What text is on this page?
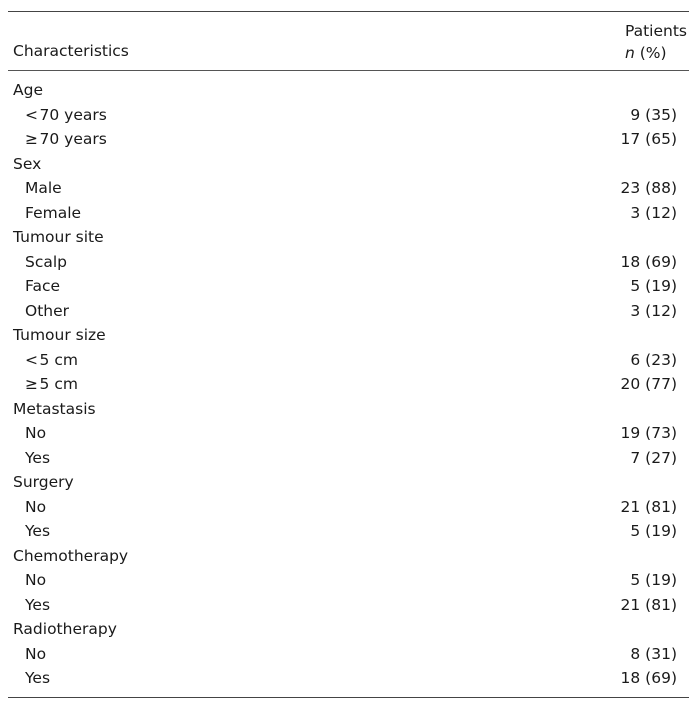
Characteristics
Patients
n (%)
Age
< 70 years	9 (35)
≥ 70 years	17 (65)
Sex
Male	23 (88)
Female	3 (12)
Tumour site
Scalp	18 (69)
Face	5 (19)
Other	3 (12)
Tumour size
< 5 cm	6 (23)
≥ 5 cm	20 (77)
Metastasis
No	19 (73)
Yes	7 (27)
Surgery
No	21 (81)
Yes	5 (19)
Chemotherapy
No	5 (19)
Yes	21 (81)
Radiotherapy
No	8 (31)
Yes	18 (69)
